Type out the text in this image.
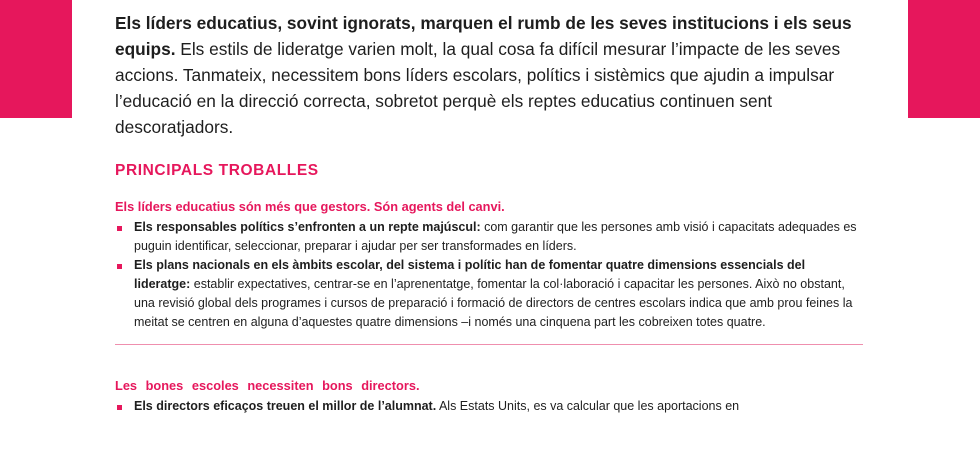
Els líders educatius, sovint ignorats, marquen el rumb de les seves institucions i els seus equips. Els estils de lideratge varien molt, la qual cosa fa difícil mesurar l’impacte de les seves accions. Tanmateix, necessitem bons líders escolars, polítics i sistèmics que ajudin a impulsar l’educació en la direcció correcta, sobretot perquè els reptes educatius continuen sent descoratjadors.

PRINCIPALS TROBALLES
Els líders educatius són més que gestors. Són agents del canvi.
Els responsables polítics s’enfronten a un repte majúscul: com garantir que les persones amb visió i capacitats adequades es puguin identificar, seleccionar, preparar i ajudar per ser transformades en líders.
Els plans nacionals en els àmbits escolar, del sistema i polític han de fomentar quatre dimensions essencials del lideratge: establir expectatives, centrar-se en l’aprenentatge, fomentar la col·laboració i capacitar les persones. Això no obstant, una revisió global dels programes i cursos de preparació i formació de directors de centres escolars indica que amb prou feines la meitat se centren en alguna d’aquestes quatre dimensions –i només una cinquena part les cobreixen totes quatre.
Les bones escoles necessiten bons directors.
Els directors eficaços treuen el millor de l’alumnat. Als Estats Units, es va calcular que les aportacions en
